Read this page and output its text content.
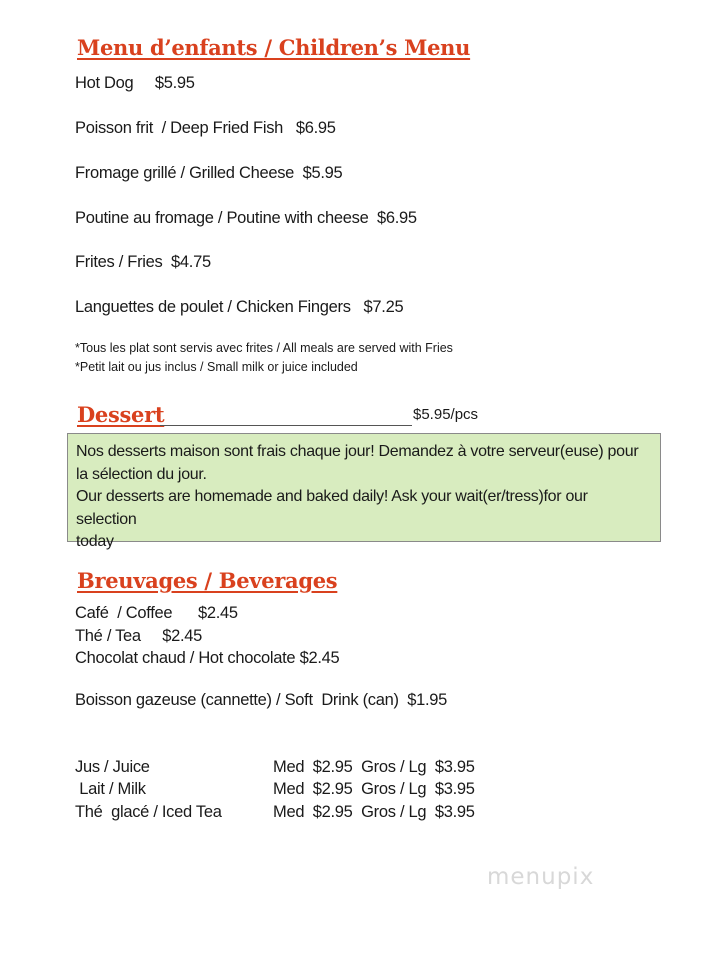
Menu d’enfants / Children’s Menu
Hot Dog     $5.95
Poisson frit  / Deep Fried Fish   $6.95
Fromage grillé / Grilled Cheese  $5.95
Poutine au fromage / Poutine with cheese  $6.95
Frites / Fries  $4.75
Languettes de poulet / Chicken Fingers   $7.25
*Tous les plat sont servis avec frites / All meals are served with Fries
*Petit lait ou jus inclus / Small milk or juice included
Dessert	$5.95/pcs
Nos desserts maison sont frais chaque jour! Demandez à votre serveur(euse) pour
la sélection du jour.
Our desserts are homemade and baked daily! Ask your wait(er/tress)for our selection
today
Breuvages / Beverages
Café  / Coffee      $2.45
Thé / Tea     $2.45
Chocolat chaud / Hot chocolate $2.45
Boisson gazeuse (cannette) / Soft  Drink (can)  $1.95
Jus / Juice	Med  $2.95  Gros / Lg  $3.95
Lait / Milk	Med  $2.95  Gros / Lg  $3.95
Thé  glacé / Iced Tea	Med  $2.95  Gros / Lg  $3.95
menupix
